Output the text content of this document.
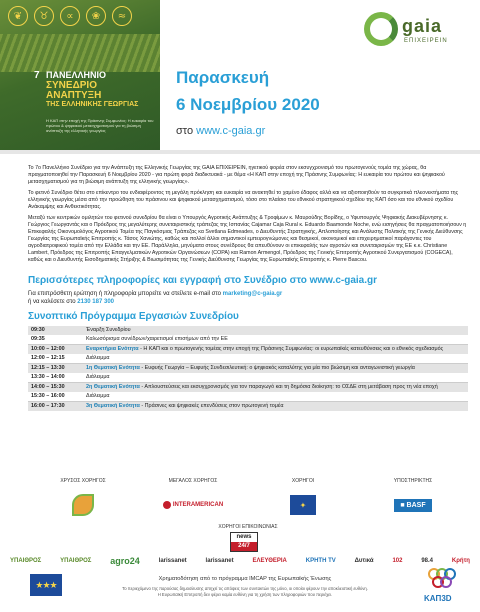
❦	♉	∝	❀	≈
7 ΠΑΝΕΛΛΗΝΙΟ
ΣΥΝΕΔΡΙΟ
ΑΝΑΠΤΥΞΗ
ΤΗΣ ΕΛΛΗΝΙΚΗΣ ΓΕΩΡΓΙΑΣ
Η ΚΑΠ στην εποχή της Πράσινης Συμφωνίας: Η ευκαιρία του πρώτου & ψηφιακού μετασχηματισμού για τη βιώσιμη ανάπτυξη της ελληνικής γεωργίας
Παρασκευή
6 Νοεμβρίου 2020
στο www.c-gaia.gr
gaia
ΕΠΙΧΕΙΡΕΙΝ

Το 7ο Πανελλήνιο Συνέδριο για την Ανάπτυξη της Ελληνικής Γεωργίας της GAIA ΕΠΙΧΕΙΡΕΙΝ, ηγετικού φορέα στον εκσυγχρονισμό του πρωτογενούς τομέα της χώρας, θα πραγματοποιηθεί την Παρασκευή 6 Νοεμβρίου 2020 - για πρώτη φορά διαδικτυακά - με θέμα «Η ΚΑΠ στην εποχή της Πράσινης Συμφωνίας: Η ευκαιρία του πρώτου και ψηφιακού μετασχηματισμού για τη βιώσιμη ανάπτυξη της ελληνικής γεωργίας».

Το φετινό Συνέδριο θέτει στο επίκεντρο του ενδιαφέροντος τη μεγάλη πρόκληση και ευκαιρία να ανακτηθεί το χαμένο έδαφος αλλά και να αξιοποιηθούν τα συγκριτικά πλεονεκτήματα της ελληνικής γεωργίας μέσα από την προώθηση του πράσινου και ψηφιακού μετασχηματισμού, τόσο στο πλαίσιο του εθνικού στρατηγικού σχεδίου της ΚΑΠ όσο και του εθνικού σχεδίου Ανάκαμψης και Ανθεκτικότητας.

Μεταξύ των κεντρικών ομιλητών του φετινού συνεδρίου θα είναι ο Υπουργός Αγροτικής Ανάπτυξης & Τροφίμων κ. Μαυρούδης Βορίδης, ο Υφυπουργός Ψηφιακής Διακυβέρνησης κ. Γεώργιος Γεωργαντάς και ο Πρόεδρος της μεγαλύτερης συνεταιριστικής τράπεζας της Ισπανίας Cajamar Caja Rural κ. Eduardo Baamonde Noche, ενώ εισηγήσεις θα πραγματοποιήσουν η Επικεφαλής Οικονομολόγος Αγροτικού Τομέα της Παγκόσμιας Τράπεζας κα Svetlana Edmeades, ο Διευθυντής Στρατηγικής, Απλοποίησης και Ανάλυσης Πολιτικής της Γενικής Διεύθυνσης Γεωργίας της Ευρωπαϊκής Επιτροπής κ. Τάσος Χανιώτης, καθώς και πολλοί άλλοι σημαντικοί εμπειρογνώμονες και θεσμικοί, οικονομικοί και επιχειρηματικοί παράγοντες του αγροδιατροφικού τομέα από την Ελλάδα και την ΕΕ. Παράλληλα, μηνύματα στους συνέδρους θα απευθύνουν οι επικεφαλής των αγροτών και συνεταιρισμών της ΕΕ κ.κ. Christiane Lambert, Πρόεδρος της Επιτροπής Επαγγελματικών Αγροτικών Οργανώσεων (COPA) και Ramon Armengol, Πρόεδρος της Γενικής Επιτροπής Αγροτικού Συνεργατισμού (COGECA), καθώς και ο Διευθυντής Εισοδηματικής Στήριξης & Βιωσιμότητας της Γενικής Διεύθυνσης Γεωργίας της Ευρωπαϊκής Επιτροπής κ. Pierre Bascou.

Περισσότερες πληροφορίες και εγγραφή στο Συνέδριο στο www.c-gaia.gr
Για επιπρόσθετη ερώτηση ή πληροφορία μπορείτε να στείλετε e-mail στο marketing@c-gaia.gr
ή να καλέσετε στο 2130 187 300
Συνοπτικό Πρόγραμμα Εργασιών Συνεδρίου
09:30	Έναρξη Συνεδρίου
09:35	Καλωσόρισμα συνέδρων/χαιρετισμοί επισήμων από την ΕΕ
10:00 – 12:00	Εναρκτήρια Ενότητα - Η ΚΑΠ και ο πρωτογενής τομέας στην εποχή της Πράσινης Συμφωνίας: οι ευρωπαϊκές κατευθύνσεις και ο εθνικός σχεδιασμός
12:00 – 12:15	Διάλειμμα
12:15 – 13:30	1η Θεματική Ενότητα - Ευφυής Γεωργία – Ευφυής Συνδεσιλευτική: ο ψηφιακός καταλύτης για μία πιο βιώσιμη και ανταγωνιστική γεωργία
13:30 – 14:00	Διάλειμμα
14:00 – 15:30	2η Θεματική Ενότητα - Απλουστεύσεις και εκσυγχρονισμός για τον παραγωγό και τη δημόσια διοίκηση: το ΟΣΔΕ στη μετάβαση προς τη νέα εποχή
15:30 – 16:00	Διάλειμμα
16:00 – 17:30	3η Θεματική Ενότητα - Πράσινες και ψηφιακές επενδύσεις στον πρωτογενή τομέα
ΧΡΥΣΟΣ ΧΟΡΗΓΟΣ	ΜΕΓΑΛΟΣ ΧΟΡΗΓΟΣ	ΧΟΡΗΓΟΙ	ΥΠΟΣΤΗΡΙΚΤΗΣ
INTERAMERICAN	✦	■ BASF
ΧΟΡΗΓΟΙ ΕΠΙΚΟΙΝΩΝΙΑΣ
news
24/7
ΥΠΑΙΘΡΟΣ	ΥΠΑΙΘΡΟΣ agro24	larissanet	larissanet	ΕΛΕΥΘΕΡΙΑ	ΚΡΗΤΗ TV	Δυτικά	102	98.4	Κρήτη
★★★
Χρηματοδότηση από το πρόγραμμα IMCAP της Ευρωπαϊκής Ένωσης
Το περιεχόμενο της παρούσας δημοσίευσης απηχεί τις απόψεις των συντακτών της μόνο, οι οποίοι φέρουν την αποκλειστική ευθύνη.
Η Ευρωπαϊκή Επιτροπή δεν φέρει καμία ευθύνη για τη χρήση των πληροφοριών που περιέχει.	ΚΑΠ3D
